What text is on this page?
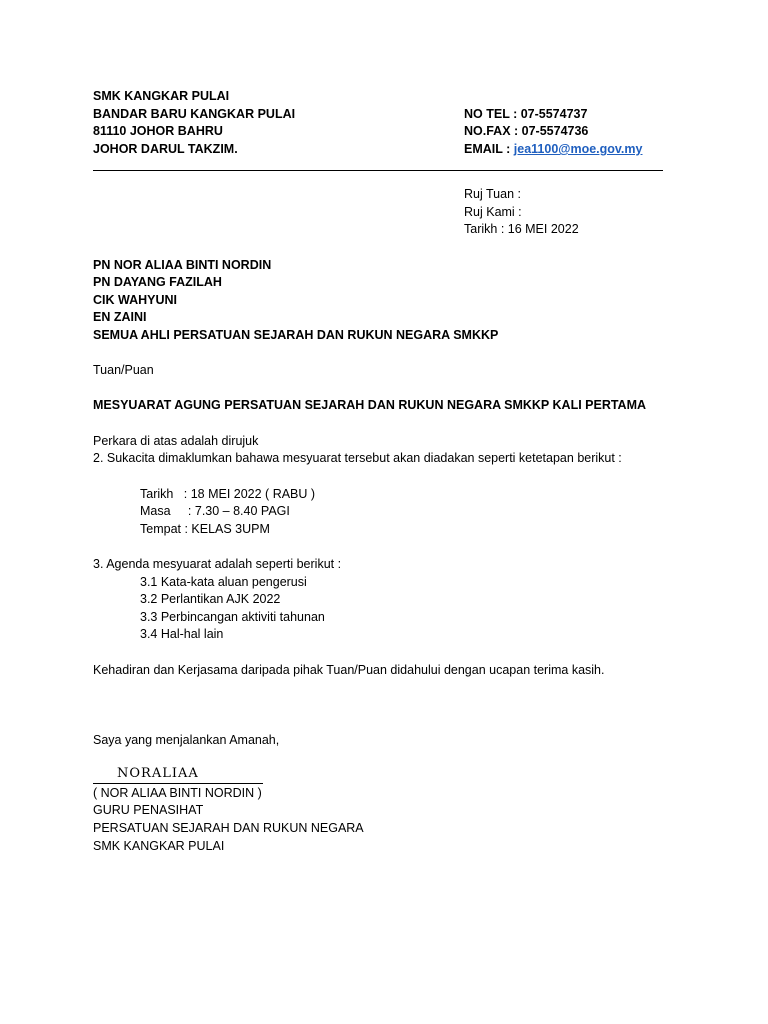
SMK KANGKAR PULAI
BANDAR BARU KANGKAR PULAI
81110 JOHOR BAHRU
JOHOR DARUL TAKZIM.
NO TEL : 07-5574737
NO.FAX : 07-5574736
EMAIL : jea1100@moe.gov.my
Ruj Tuan :
Ruj Kami :
Tarikh : 16 MEI 2022
PN NOR ALIAA BINTI NORDIN
PN DAYANG FAZILAH
CIK WAHYUNI
EN ZAINI
SEMUA AHLI PERSATUAN SEJARAH DAN RUKUN NEGARA SMKKP
Tuan/Puan
MESYUARAT AGUNG PERSATUAN SEJARAH DAN RUKUN NEGARA SMKKP KALI PERTAMA
Perkara di atas adalah dirujuk
2. Sukacita dimaklumkan bahawa mesyuarat tersebut akan diadakan seperti ketetapan berikut :
Tarikh   : 18 MEI 2022 ( RABU )
Masa     : 7.30 – 8.40 PAGI
Tempat : KELAS 3UPM
3. Agenda mesyuarat adalah seperti berikut :
3.1 Kata-kata aluan pengerusi
3.2 Perlantikan AJK 2022
3.3 Perbincangan aktiviti tahunan
3.4 Hal-hal lain
Kehadiran dan Kerjasama daripada pihak Tuan/Puan didahului dengan ucapan terima kasih.
Saya yang menjalankan Amanah,
NORALIAA
( NOR ALIAA BINTI NORDIN )
GURU PENASIHAT
PERSATUAN SEJARAH DAN RUKUN NEGARA
SMK KANGKAR PULAI
